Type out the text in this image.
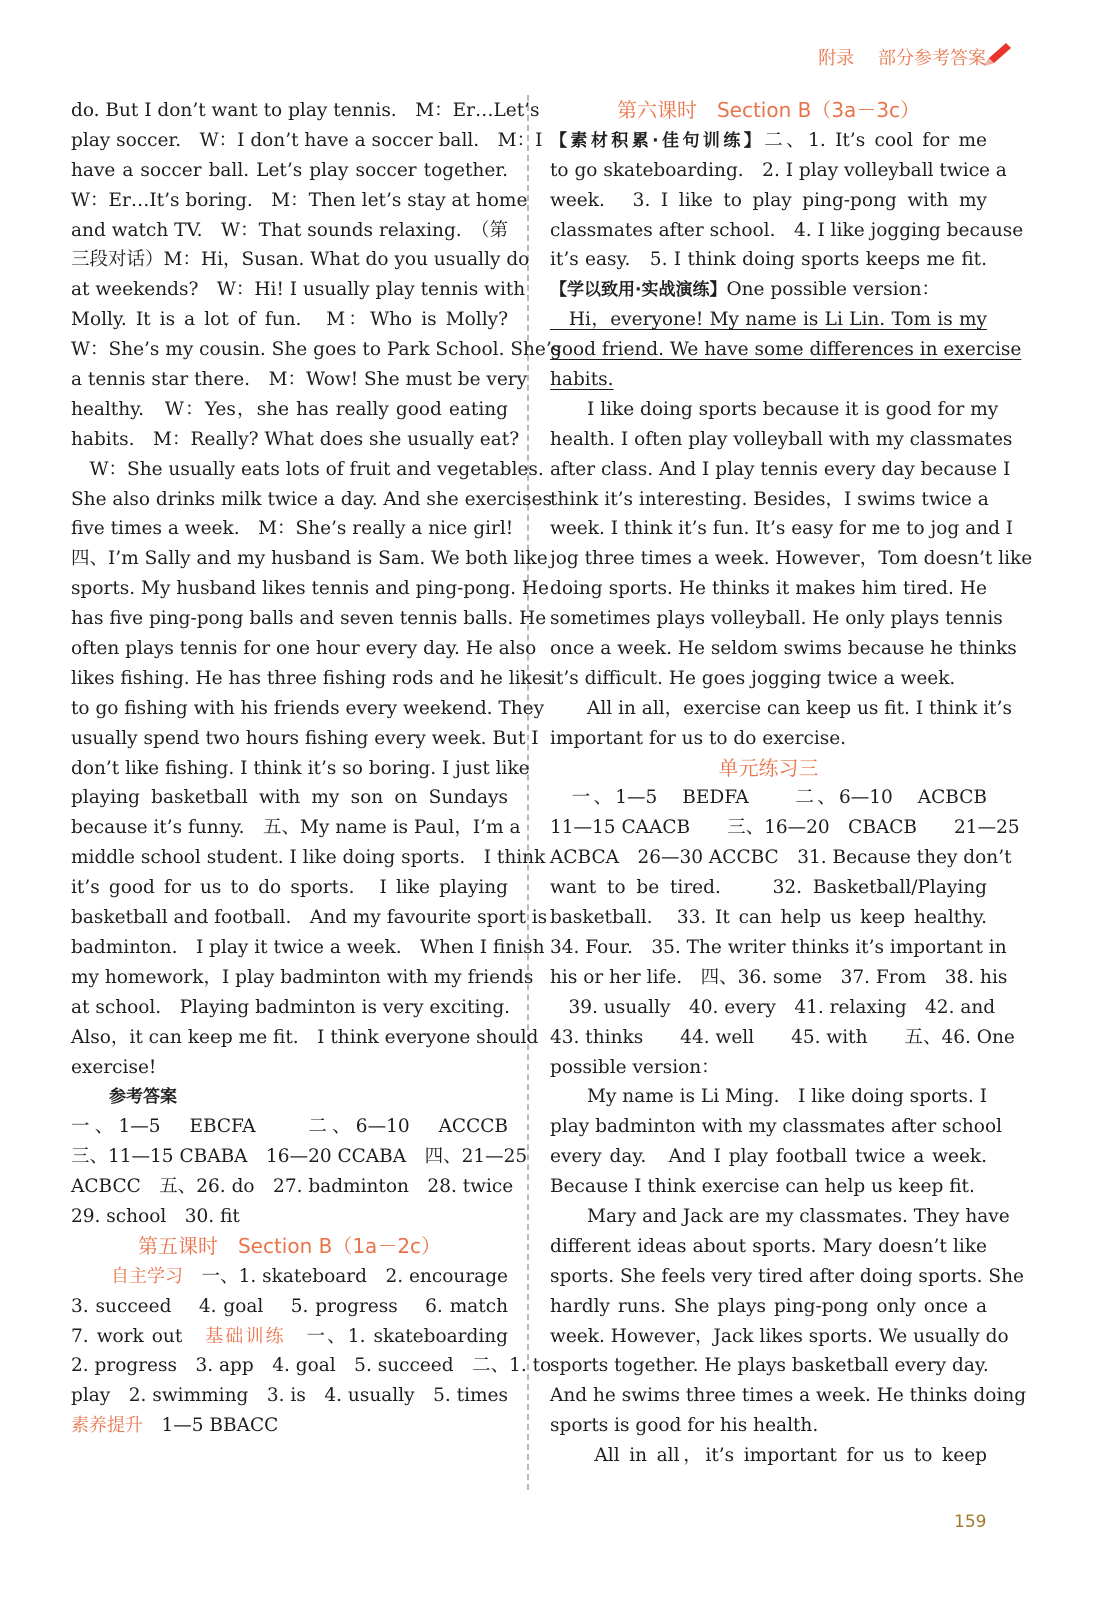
附录 部分参考答案
do. But I don’t want to play tennis.　M：Er…Let’s
play soccer.　W：I don’t have a soccer ball.　M：I
have a soccer ball. Let’s play soccer together.
W：Er…It’s boring.　M：Then let’s stay at home
and watch TV.　W：That sounds relaxing.　（第
三段对话）M：Hi，Susan. What do you usually do
at weekends?　W：Hi! I usually play tennis with
Molly. It is a lot of fun.　M：Who is Molly?
W：She’s my cousin. She goes to Park School. She’s
a tennis star there.　M：Wow! She must be very
healthy.　W：Yes，she has really good eating
habits.　M：Really? What does she usually eat?
　W：She usually eats lots of fruit and vegetables.
She also drinks milk twice a day. And she exercises
five times a week.　M：She’s really a nice girl!
四、I’m Sally and my husband is Sam. We both like
sports. My husband likes tennis and ping-pong. He
has five ping-pong balls and seven tennis balls. He
often plays tennis for one hour every day. He also
likes fishing. He has three fishing rods and he likes
to go fishing with his friends every weekend. They
usually spend two hours fishing every week. But I
don’t like fishing. I think it’s so boring. I just like
playing basketball with my son on Sundays
because it’s funny.　五、My name is Paul，I’m a
middle school student. I like doing sports.　I think
it’s good for us to do sports.　I like playing
basketball and football.　And my favourite sport is
badminton.　I play it twice a week.　When I finish
my homework，I play badminton with my friends
at school.　Playing badminton is very exciting.
Also，it can keep me fit.　I think everyone should
exercise!
参考答案
一、1—5　EBCFA　　二、6—10　ACCCB
三、11—15 CBABA　16—20 CCABA　四、21—25
ACBCC　五、26. do　27. badminton　28. twice
29. school　30. fit
第五课时　Section B（1a－2c）
自主学习　一、1. skateboard　2. encourage
3. succeed　 4. goal　 5. progress　 6. match
7. work out　基础训练　一、1. skateboarding
2. progress　3. app　4. goal　5. succeed　二、1. to
play　2. swimming　3. is　4. usually　5. times
素养提升　1—5 BBACC
第六课时　Section B（3a－3c）
【素材积累·佳句训练】二、1. It’s cool for me
to go skateboarding.　2. I play volleyball twice a
week.　3. I like to play ping-pong with my
classmates after school.　4. I like jogging because
it’s easy.　5. I think doing sports keeps me fit.
【学以致用·实战演练】One possible version：
　Hi，everyone! My name is Li Lin. Tom is my
good friend. We have some differences in exercise
habits.
　　I like doing sports because it is good for my
health. I often play volleyball with my classmates
after class. And I play tennis every day because I
think it’s interesting. Besides，I swims twice a
week. I think it’s fun. It’s easy for me to jog and I
jog three times a week. However，Tom doesn’t like
doing sports. He thinks it makes him tired. He
sometimes plays volleyball. He only plays tennis
once a week. He seldom swims because he thinks
it’s difficult. He goes jogging twice a week.
　　All in all，exercise can keep us fit. I think it’s
important for us to do exercise.
单元练习三
　一、1—5　BEDFA　　二、6—10　ACBCB
11—15 CAACB　　三、16—20　CBACB　　21—25
ACBCA　26—30 ACCBC　31. Because they don’t
want to be tired.　　32. Basketball/Playing
basketball.　33. It can help us keep healthy.
34. Four.　35. The writer thinks it’s important in
his or her life.　四、36. some　37. From　38. his
　39. usually　40. every　41. relaxing　42. and
43. thinks　　44. well　　45. with　　五、46. One
possible version：
　　My name is Li Ming.　I like doing sports. I
play badminton with my classmates after school
every day.　And I play football twice a week.
Because I think exercise can help us keep fit.
　　Mary and Jack are my classmates. They have
different ideas about sports. Mary doesn’t like
sports. She feels very tired after doing sports. She
hardly runs. She plays ping-pong only once a
week. However，Jack likes sports. We usually do
sports together. He plays basketball every day.
And he swims three times a week. He thinks doing
sports is good for his health.
　　All in all，it’s important for us to keep
159
